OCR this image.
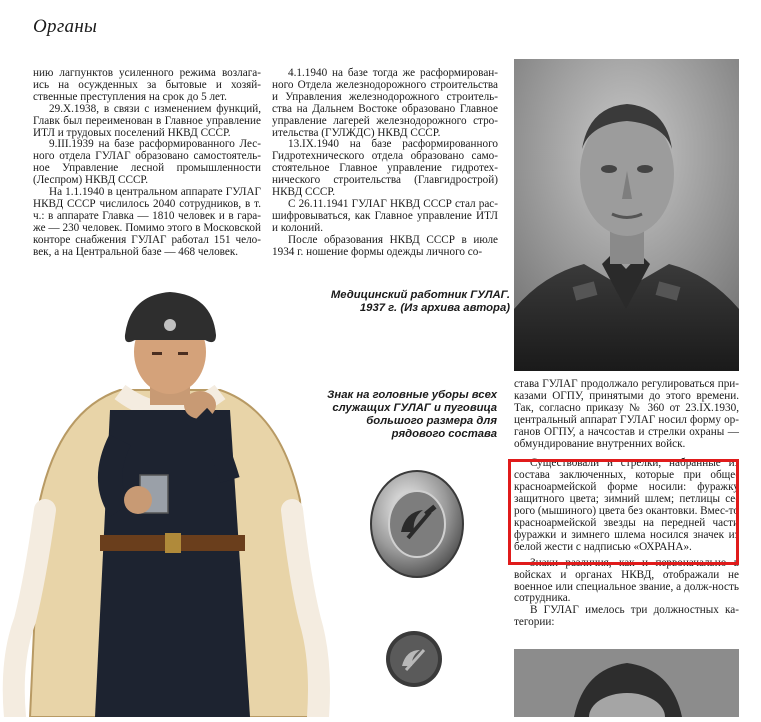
Органы

нию лагпунктов усиленного режима возлага-ись на осужденных за бытовые и хозяй-ственные преступления на срок до 5 лет.

29.X.1938, в связи с изменением функций, Главк был переименован в Главное управление ИТЛ и трудовых поселений НКВД СССР.

9.III.1939 на базе расформированного Лес-ного отдела ГУЛАГ образовано самостоятель-ное Управление лесной промышленности (Леспром) НКВД СССР.

На 1.1.1940 в центральном аппарате ГУЛАГ НКВД СССР числилось 2040 сотрудников, в т. ч.: в аппарате Главка — 1810 человек и в гара-же — 230 человек. Помимо этого в Московской конторе снабжения ГУЛАГ работал 151 чело-век, а на Центральной базе — 468 человек.

4.1.1940 на базе тогда же расформирован-ного Отдела железнодорожного строительства и Управления железнодорожного строитель-ства на Дальнем Востоке образовано Главное управление лагерей железнодорожного стро-ительства (ГУЛЖДС) НКВД СССР.

13.IX.1940 на базе расформированного Гидротехнического отдела образовано само-стоятельное Главное управление гидротех-нического строительства (Главгидрострой) НКВД СССР.

С 26.11.1941 ГУЛАГ НКВД СССР стал рас-шифровываться, как Главное управление ИТЛ и колоний.

После образования НКВД СССР в июле 1934 г. ношение формы одежды личного со-

Медицинский работник ГУЛАГ. 1937 г. (Из архива автора)
Знак на головные уборы всех служащих ГУЛАГ и пуговица большого размера для рядового состава

става ГУЛАГ продолжало регулироваться при-казами ОГПУ, принятыми до этого времени. Так, согласно приказу № 360 от 23.IX.1930, центральный аппарат ГУЛАГ носил форму ор-ганов ОГПУ, а начсостав и стрелки охраны — обмундирование внутренних войск.

Существовали и стрелки, набранные из состава заключенных, которые при обще-красноармейской форме носили: фуражку защитного цвета; зимний шлем; петлицы се-рого (мышиного) цвета без окантовки. Вмес-то красноармейской звезды на передней части фуражки и зимнего шлема носился значек из белой жести с надписью «ОХРАНА».

Знаки различия, как и первоначально в войсках и органах НКВД, отображали не военное или специальное звание, а долж-ность сотрудника.

В ГУЛАГ имелось три должностных ка-тегории:
